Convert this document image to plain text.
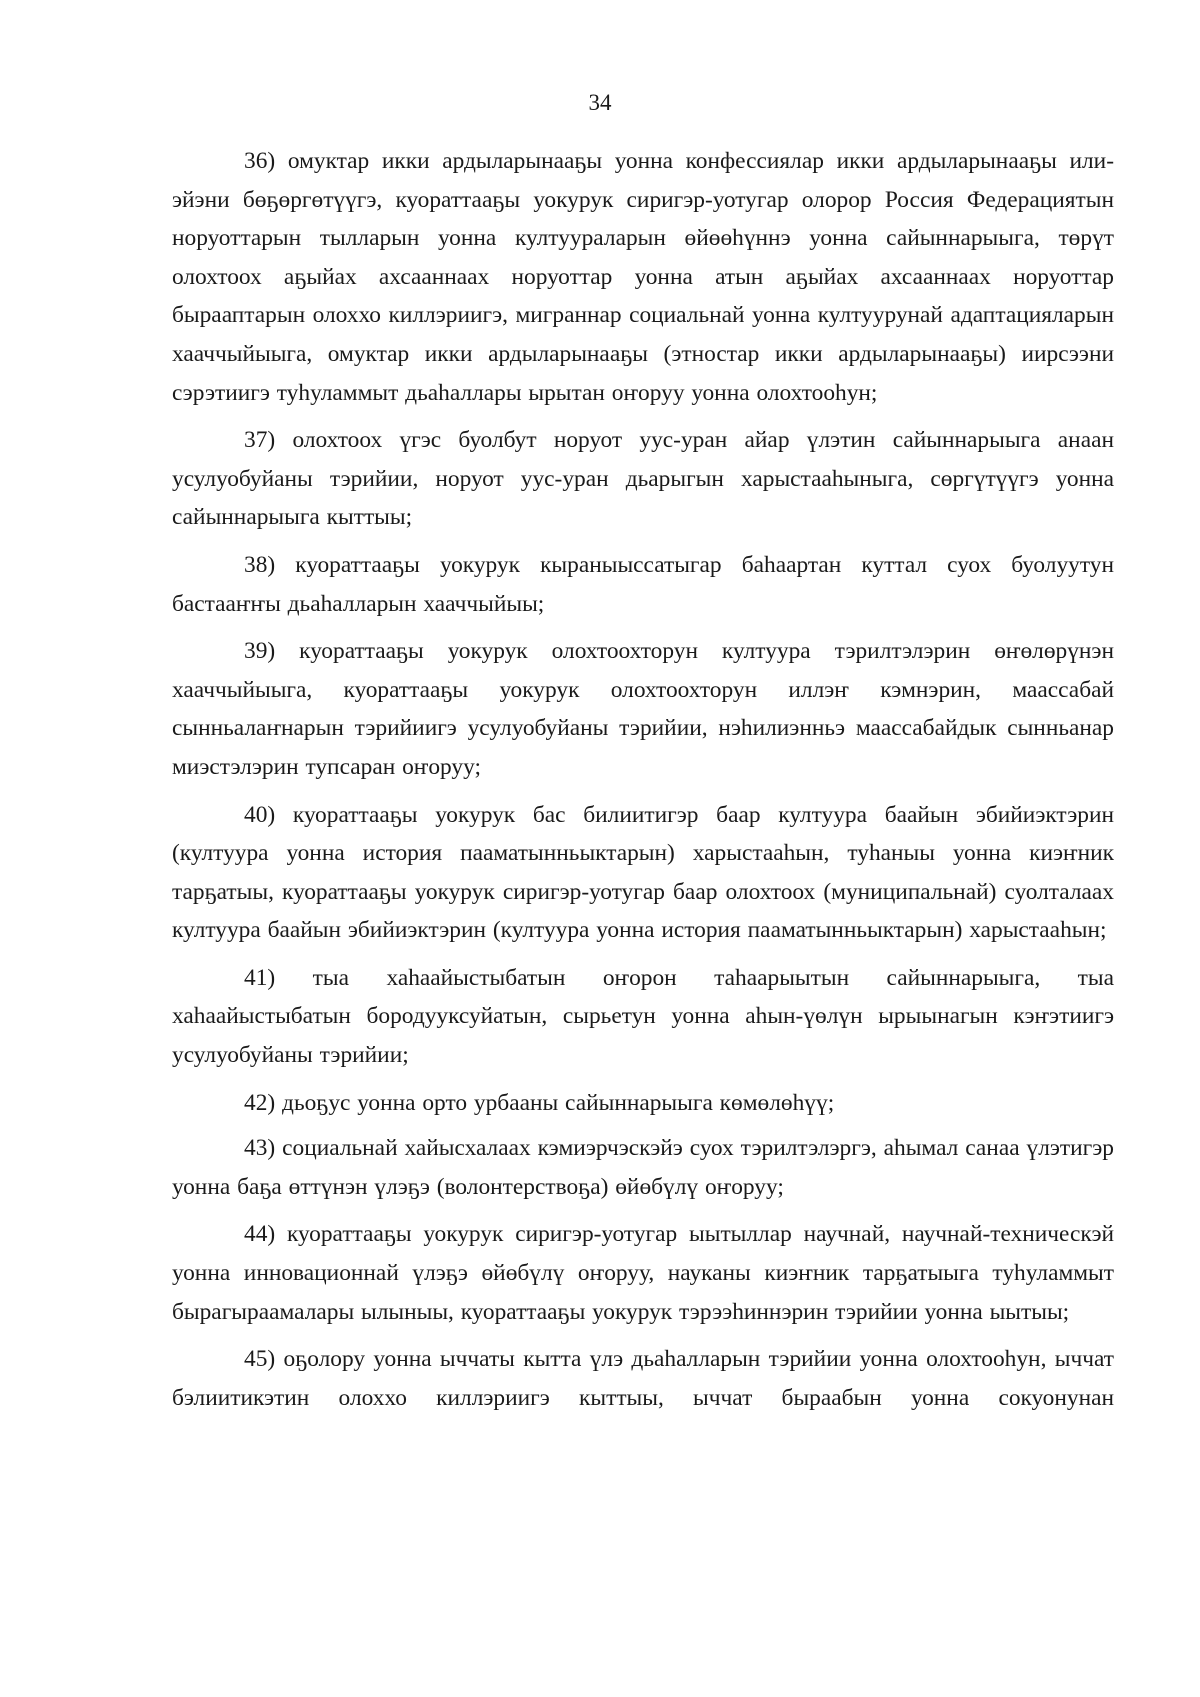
34

36) омуктар икки ардыларынааҕы уонна конфессиялар икки ардыларынааҕы или-эйэни бөҕөргөтүүгэ, куораттааҕы уокурук сиригэр-уотугар олорор Россия Федерациятын норуоттарын тылларын уонна култуураларын өйөөһүннэ уонна сайыннарыыга, төрүт олохтоох аҕыйах ахсааннаах норуоттар уонна атын аҕыйах ахсааннаах норуоттар бырааптарын олоххо киллэриигэ, миграннар социальнай уонна култуурунай адаптацияларын хааччыйыыга, омуктар икки ардыларынааҕы (этностар икки ардыларынааҕы) иирсээни сэрэтиигэ туһуламмыт дьаһаллары ырытан оҥоруу уонна олохтооһун;

37) олохтоох үгэс буолбут норуот уус-уран айар үлэтин сайыннарыыга анаан усулуобуйаны тэрийии, норуот уус-уран дьарыгын харыстааһыныгa, сөргүтүүгэ уонна сайыннарыыга кыттыы;

38) куораттааҕы уокурук кыраныыссатыгар баһаартан куттал суох буолуутун бастааҥҥы дьаһалларын хааччыйыы;

39) куораттааҕы уокурук олохтоохторун култуура тэрилтэлэрин өҥөлөрүнэн хааччыйыыга, куораттааҕы уокурук олохтоохторун иллэҥ кэмнэрин, маассабай сынньалаҥнарын тэрийиигэ усулуобуйаны тэрийии, нэһилиэнньэ маассабайдык сынньанар миэстэлэрин тупсаран оҥоруу;

40) куораттааҕы уокурук бас билиитигэр баар култуура баайын эбийиэктэрин (култуура уонна история пааматынньыктарын) харыстааһын, туһаныы уонна киэҥник тарҕатыы, куораттааҕы уокурук сиригэр-уотугар баар олохтоох (муниципальнай) суолталаах култуура баайын эбийиэктэрин (култуура уонна история пааматынньыктарын) харыстааһын;

41) тыа хаһаайыстыбатын оҥорон таһаарыытын сайыннарыыга, тыа хаһаайыстыбатын бородууксуйатын, сырьетун уонна аһын-үөлүн ырыынагын кэҥэтиигэ усулуобуйаны тэрийии;

42) дьоҕус уонна орто урбааны сайыннарыыга көмөлөһүү;

43) социальнай хайысхалаах кэмиэрчэскэйэ суох тэрилтэлэргэ, аһымал санаа үлэтигэр уонна баҕа өттүнэн үлэҕэ (волонтерствоҕа) өйөбүлү оҥоруу;

44) куораттааҕы уокурук сиригэр-уотугар ыытыллар научнай, научнай-техническэй уонна инновационнай үлэҕэ өйөбүлү оҥоруу, науканы киэҥник тарҕатыыга туһуламмыт бырагыраамалары ылыныы, куораттааҕы уокурук тэрээһиннэрин тэрийии уонна ыытыы;

45) оҕолору уонна ыччаты кытта үлэ дьаһалларын тэрийии уонна олохтооһун, ыччат бэлиитикэтин олоххо киллэриигэ кыттыы, ыччат быраабын уонна сокуонунан
